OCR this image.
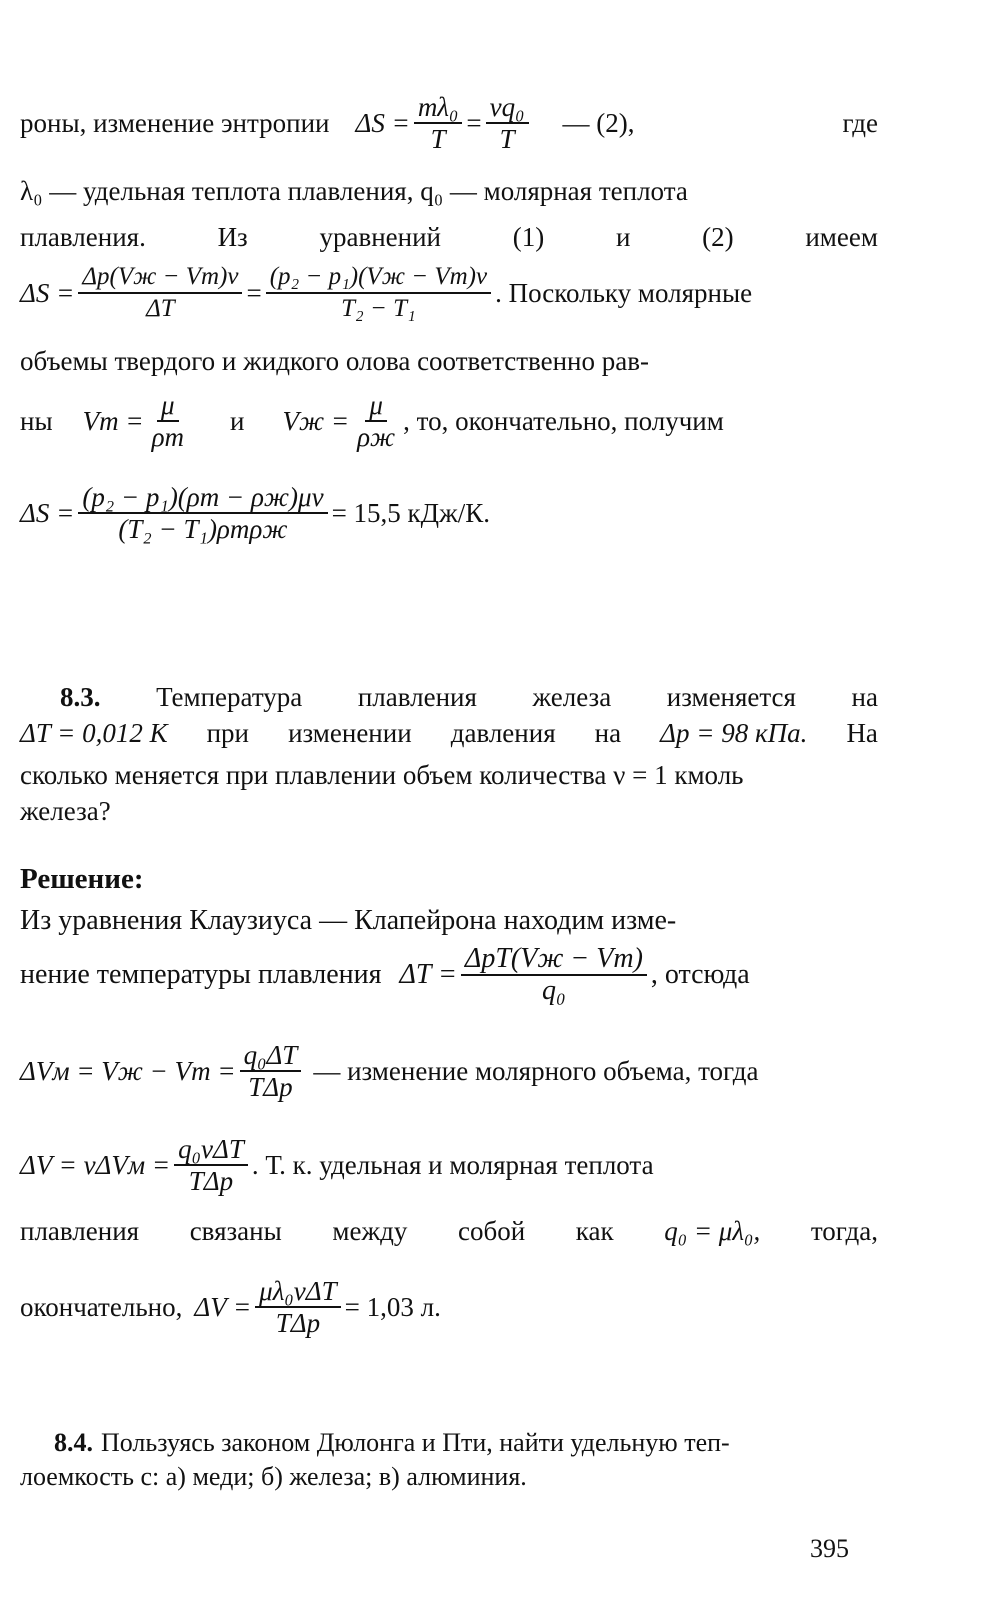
роны, изменение энтропии $\Delta S = \frac{\text{mλ₀}}{T} = \frac{\text{νq₀}}{T}$ — (2),	где
λ₀ — удельная теплота плавления, q₀ — молярная теплота
плавления.	Из	уравнений	(1)	и	(2)	имеем
$\Delta S = \frac{\Delta p(Vж - Vт)\nu}{\Delta T} = \frac{\text{(p₂ − p₁)(Vж − Vт)ν}}{\text{T₂ − T₁}}$ . Поскольку молярные
объемы твердого и жидкого олова соответственно рав-
ны Vт = $\frac{\mu}{\rho т}$ и Vж = $\frac{\mu}{\rho ж}$ , то, окончательно, получим
$\Delta S = \frac{\text{(p₂ − p₁)(ρт − ρж)μν}}{\text{(T₂ − T₁)ρтρж}} = 15,5$ кДж/К.
8.3. Температура плавления железа изменяется на
ΔT = 0,012 К при изменении давления на Δp = 98 кПа. На
сколько меняется при плавлении объем количества ν = 1 кмоль
железа?
Решение:
Из уравнения Клаузиуса — Клапейрона находим изме-
нение температуры плавления $\Delta T = \frac{\text{ΔpT(Vж − Vт)}}{\text{q₀}}$ , отсюда
ΔVм = Vж − Vт = $\frac{\text{q₀ΔT}}{\text{TΔp}}$ — изменение молярного объема, тогда
$\Delta V = \nu\Delta Vм = \frac{\text{q₀νΔT}}{\text{TΔp}}$ . Т. к. удельная и молярная теплота
плавления связаны между собой как q₀ = μλ₀, тогда,
окончательно, $\Delta V = \frac{\text{μλ₀νΔT}}{\text{TΔp}} = 1,03$ л.
8.4. Пользуясь законом Дюлонга и Пти, найти удельную теп-
лоемкость c: а) меди; б) железа; в) алюминия.
395
